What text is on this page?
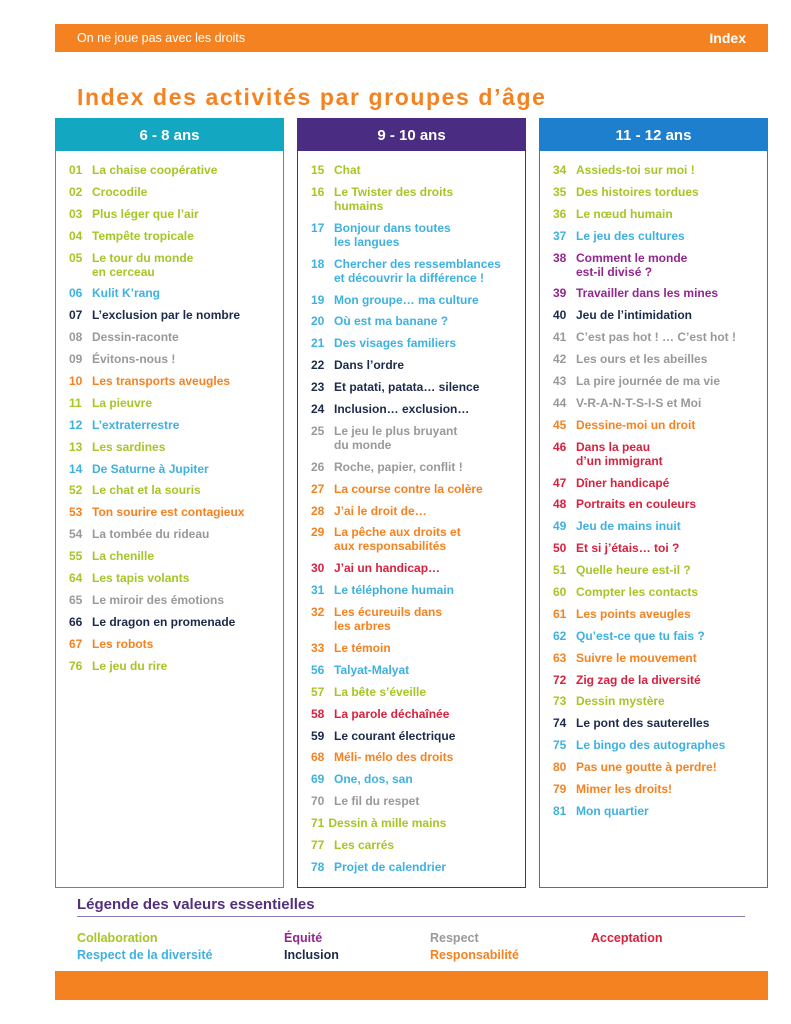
On ne joue pas avec les droits	Index
Index des activités par groupes d’âge
6 - 8 ans
01 La chaise coopérative
02 Crocodile
03 Plus léger que l’air
04 Tempête tropicale
05 Le tour du monde
en cerceau
06 Kulit K’rang
07 L’exclusion par le nombre
08 Dessin-raconte
09 Évitons-nous !
10 Les transports aveugles
11 La pieuvre
12 L’extraterrestre
13 Les sardines
14 De Saturne à Jupiter
52 Le chat et la souris
53 Ton sourire est contagieux
54 La tombée du rideau
55 La chenille
64 Les tapis volants
65 Le miroir des émotions
66 Le dragon en promenade
67 Les robots
76 Le jeu du rire
9 - 10 ans
15 Chat
16 Le Twister des droits
humains
17 Bonjour dans toutes
les langues
18 Chercher des ressemblances
et découvrir la différence !
19 Mon groupe… ma culture
20 Où est ma banane ?
21 Des visages familiers
22 Dans l’ordre
23 Et patati, patata… silence
24 Inclusion… exclusion…
25 Le jeu le plus bruyant
du monde
26 Roche, papier, conflit !
27 La course contre la colère
28 J’ai le droit de…
29 La pêche aux droits et
aux responsabilités
30 J’ai un handicap…
31 Le téléphone humain
32 Les écureuils dans
les arbres
33 Le témoin
56 Talyat-Malyat
57 La bête s’éveille
58 La parole déchaînée
59 Le courant électrique
68 Méli- mélo des droits
69 One, dos, san
70 Le fil du respet
71 Dessin à mille mains
77 Les carrés
78 Projet de calendrier
11 - 12 ans
34 Assieds-toi sur moi !
35 Des histoires tordues
36 Le nœud humain
37 Le jeu des cultures
38 Comment le monde
est-il divisé ?
39 Travailler dans les mines
40 Jeu de l’intimidation
41 C’est pas hot ! … C’est hot !
42 Les ours et les abeilles
43 La pire journée de ma vie
44 V-R-A-N-T-S-I-S et Moi
45 Dessine-moi un droit
46 Dans la peau
d’un immigrant
47 Dîner handicapé
48 Portraits en couleurs
49 Jeu de mains inuit
50 Et si j’étais… toi ?
51 Quelle heure est-il ?
60 Compter les contacts
61 Les points aveugles
62 Qu’est-ce que tu fais ?
63 Suivre le mouvement
72 Zig zag de la diversité
73 Dessin mystère
74 Le pont des sauterelles
75 Le bingo des autographes
80 Pas une goutte à perdre!
79 Mimer les droits!
81 Mon quartier
Légende des valeurs essentielles
Collaboration	Équité	Respect	Acceptation
Respect de la diversité	Inclusion	Responsabilité
